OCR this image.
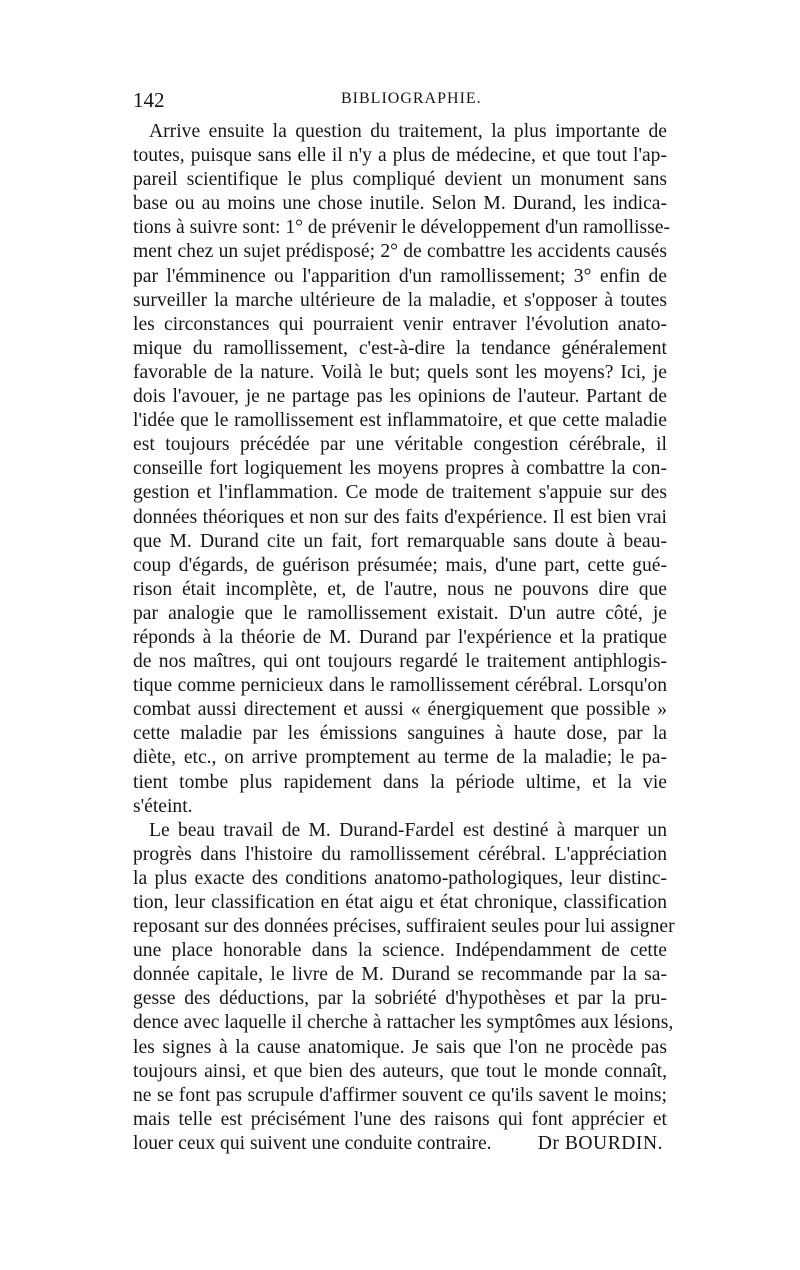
142	BIBLIOGRAPHIE.
Arrive ensuite la question du traitement, la plus importante de
toutes, puisque sans elle il n'y a plus de médecine, et que tout l'ap-
pareil scientifique le plus compliqué devient un monument sans
base ou au moins une chose inutile. Selon M. Durand, les indica-
tions à suivre sont: 1° de prévenir le développement d'un ramollisse-
ment chez un sujet prédisposé; 2° de combattre les accidents causés
par l'émminence ou l'apparition d'un ramollissement; 3° enfin de
surveiller la marche ultérieure de la maladie, et s'opposer à toutes
les circonstances qui pourraient venir entraver l'évolution anato-
mique du ramollissement, c'est-à-dire la tendance généralement
favorable de la nature. Voilà le but; quels sont les moyens? Ici, je
dois l'avouer, je ne partage pas les opinions de l'auteur. Partant de
l'idée que le ramollissement est inflammatoire, et que cette maladie
est toujours précédée par une véritable congestion cérébrale, il
conseille fort logiquement les moyens propres à combattre la con-
gestion et l'inflammation. Ce mode de traitement s'appuie sur des
données théoriques et non sur des faits d'expérience. Il est bien vrai
que M. Durand cite un fait, fort remarquable sans doute à beau-
coup d'égards, de guérison présumée; mais, d'une part, cette gué-
rison était incomplète, et, de l'autre, nous ne pouvons dire que
par analogie que le ramollissement existait. D'un autre côté, je
réponds à la théorie de M. Durand par l'expérience et la pratique
de nos maîtres, qui ont toujours regardé le traitement antiphlogis-
tique comme pernicieux dans le ramollissement cérébral. Lorsqu'on
combat aussi directement et aussi « énergiquement que possible »
cette maladie par les émissions sanguines à haute dose, par la
diète, etc., on arrive promptement au terme de la maladie; le pa-
tient tombe plus rapidement dans la période ultime, et la vie
s'éteint.
Le beau travail de M. Durand-Fardel est destiné à marquer un
progrès dans l'histoire du ramollissement cérébral. L'appréciation
la plus exacte des conditions anatomo-pathologiques, leur distinc-
tion, leur classification en état aigu et état chronique, classification
reposant sur des données précises, suffiraient seules pour lui assigner
une place honorable dans la science. Indépendamment de cette
donnée capitale, le livre de M. Durand se recommande par la sa-
gesse des déductions, par la sobriété d'hypothèses et par la pru-
dence avec laquelle il cherche à rattacher les symptômes aux lésions,
les signes à la cause anatomique. Je sais que l'on ne procède pas
toujours ainsi, et que bien des auteurs, que tout le monde connaît,
ne se font pas scrupule d'affirmer souvent ce qu'ils savent le moins;
mais telle est précisément l'une des raisons qui font apprécier et
louer ceux qui suivent une conduite contraire. Dr BOURDIN.
